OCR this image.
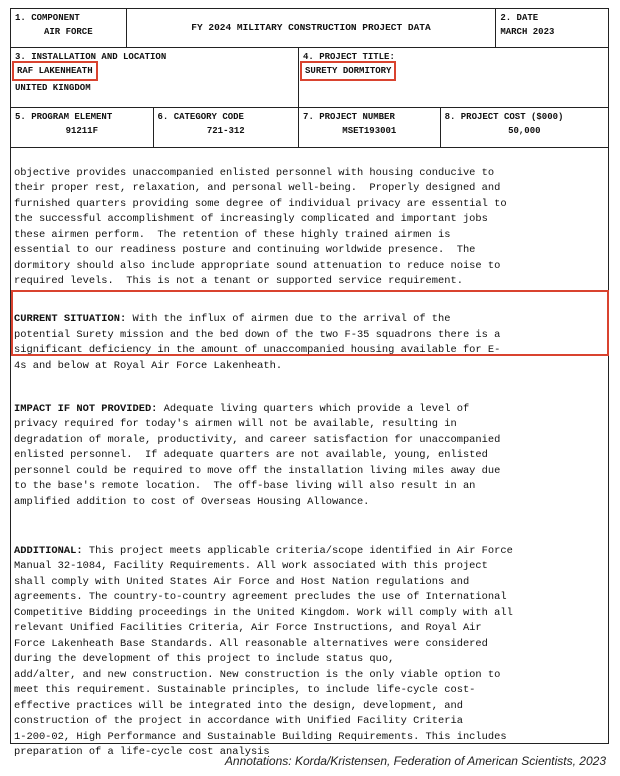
1. COMPONENT
AIR FORCE	FY 2024 MILITARY CONSTRUCTION PROJECT DATA
2. DATE
MARCH 2023
3. INSTALLATION AND LOCATION
RAF LAKENHEATH
UNITED KINGDOM
4. PROJECT TITLE:
SURETY DORMITORY
5. PROGRAM ELEMENT
91211F
6. CATEGORY CODE
721-312
7. PROJECT NUMBER
MSET193001
8. PROJECT COST ($000)
50,000

objective provides unaccompanied enlisted personnel with housing conducive to
their proper rest, relaxation, and personal well-being.  Properly designed and
furnished quarters providing some degree of individual privacy are essential to
the successful accomplishment of increasingly complicated and important jobs
these airmen perform.  The retention of these highly trained airmen is
essential to our readiness posture and continuing worldwide presence.  The
dormitory should also include appropriate sound attenuation to reduce noise to
required levels.  This is not a tenant or supported service requirement.

CURRENT SITUATION: With the influx of airmen due to the arrival of the
potential Surety mission and the bed down of the two F-35 squadrons there is a
significant deficiency in the amount of unaccompanied housing available for E-
4s and below at Royal Air Force Lakenheath.

IMPACT IF NOT PROVIDED: Adequate living quarters which provide a level of
privacy required for today's airmen will not be available, resulting in
degradation of morale, productivity, and career satisfaction for unaccompanied
enlisted personnel.  If adequate quarters are not available, young, enlisted
personnel could be required to move off the installation living miles away due
to the base's remote location.  The off-base living will also result in an
amplified addition to cost of Overseas Housing Allowance.

ADDITIONAL: This project meets applicable criteria/scope identified in Air Force
Manual 32-1084, Facility Requirements. All work associated with this project
shall comply with United States Air Force and Host Nation regulations and
agreements. The country-to-country agreement precludes the use of International
Competitive Bidding proceedings in the United Kingdom. Work will comply with all
relevant Unified Facilities Criteria, Air Force Instructions, and Royal Air
Force Lakenheath Base Standards. All reasonable alternatives were considered
during the development of this project to include status quo,
add/alter, and new construction. New construction is the only viable option to
meet this requirement. Sustainable principles, to include life-cycle cost-
effective practices will be integrated into the design, development, and
construction of the project in accordance with Unified Facility Criteria
1-200-02, High Performance and Sustainable Building Requirements. This includes
preparation of a life-cycle cost analysis

Annotations: Korda/Kristensen, Federation of American Scientists, 2023
